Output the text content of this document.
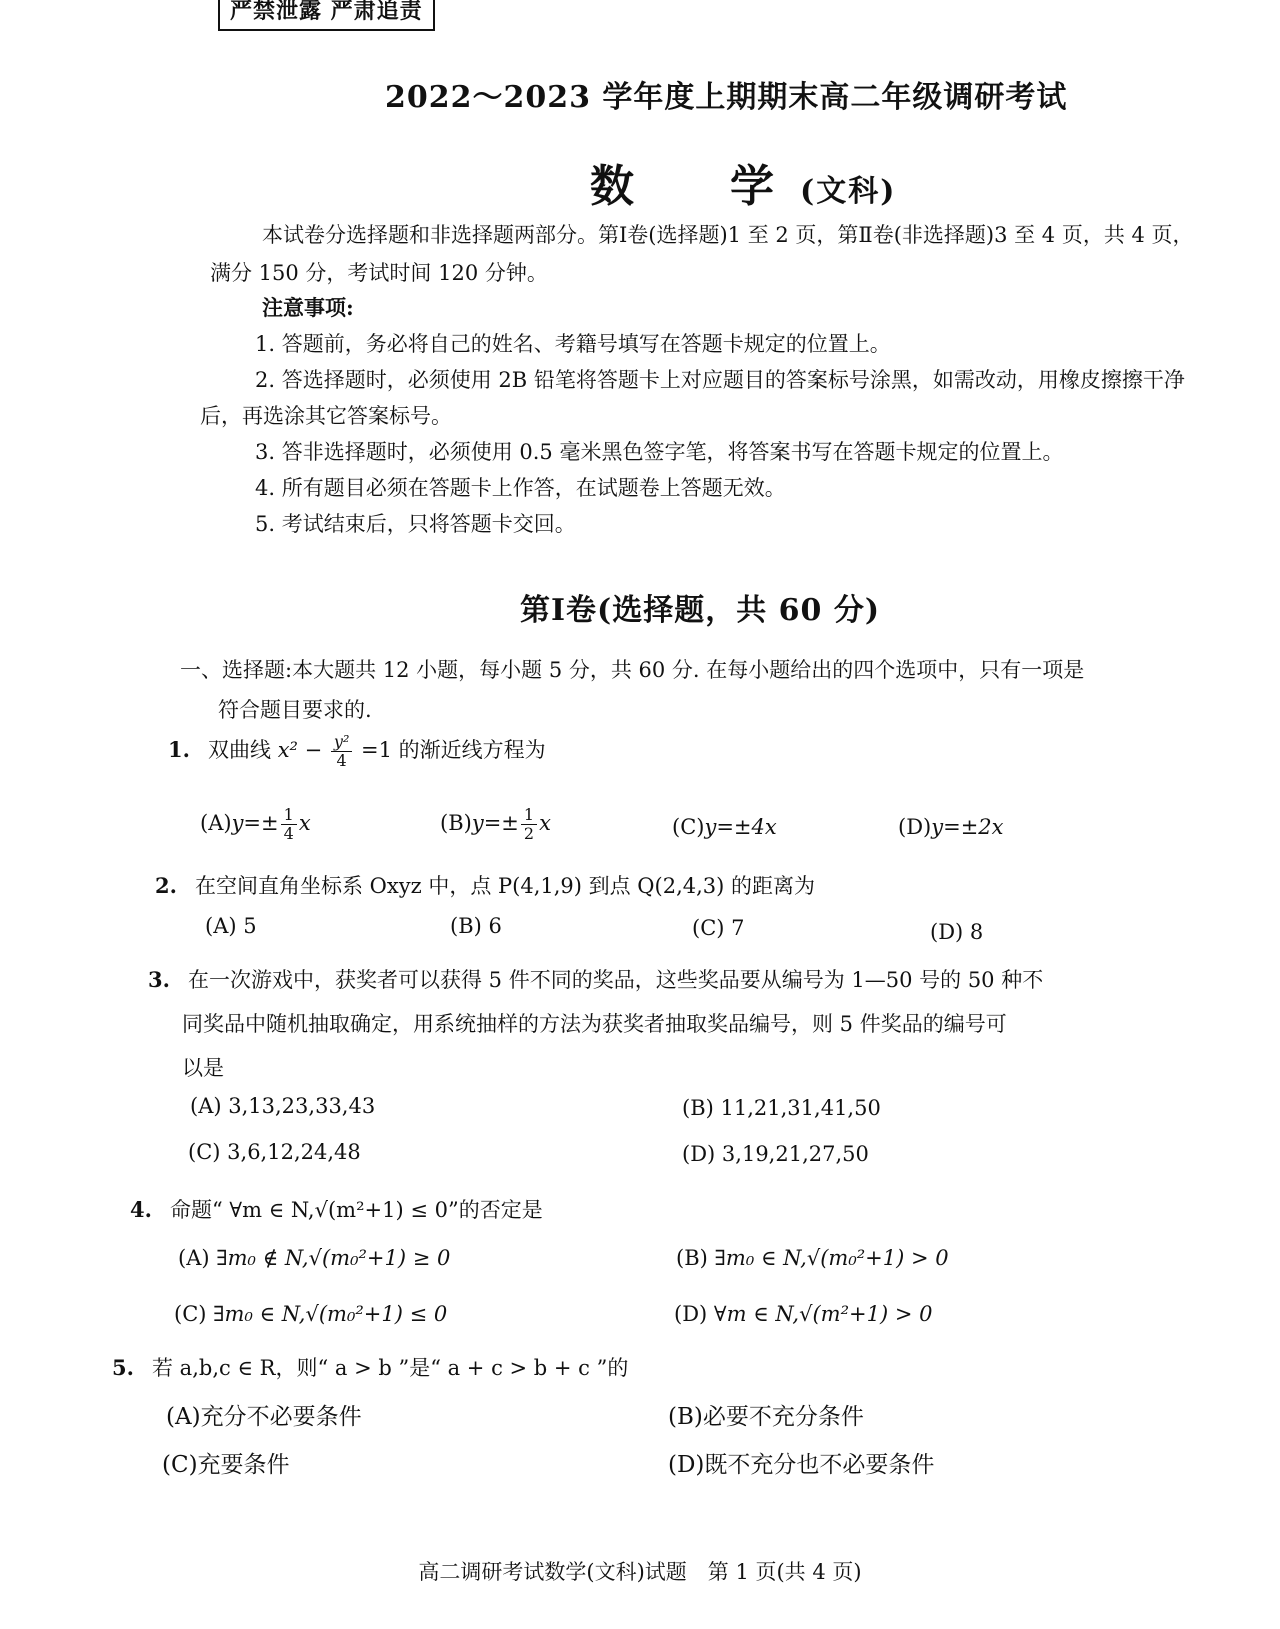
严禁泄露 严肃追责
2022～2023 学年度上期期末高二年级调研考试
数　学(文科)
本试卷分选择题和非选择题两部分。第Ⅰ卷(选择题)1 至 2 页，第Ⅱ卷(非选择题)3 至 4 页，共 4 页，满分 150 分，考试时间 120 分钟。
注意事项:
1. 答题前，务必将自己的姓名、考籍号填写在答题卡规定的位置上。
2. 答选择题时，必须使用 2B 铅笔将答题卡上对应题目的答案标号涂黑，如需改动，用橡皮擦擦干净后，再选涂其它答案标号。
3. 答非选择题时，必须使用 0.5 毫米黑色签字笔，将答案书写在答题卡规定的位置上。
4. 所有题目必须在答题卡上作答，在试题卷上答题无效。
5. 考试结束后，只将答题卡交回。
第Ⅰ卷(选择题，共 60 分)
一、选择题:本大题共 12 小题，每小题 5 分，共 60 分. 在每小题给出的四个选项中，只有一项是
符合题目要求的.
1. 双曲线 $x^2 - \frac{\text{y²}}{4} =1$ 的渐近线方程为
$(A)y=\pm \frac{1}{4}$ x	$(B)y=\pm \frac{1}{2}$ x	(C)y=±4x	(D)y=±2x
2. 在空间直角坐标系 Oxyz 中，点 P(4,1,9) 到点 Q(2,4,3) 的距离为
(A) 5	(B) 6	(C) 7	(D) 8
3. 在一次游戏中，获奖者可以获得 5 件不同的奖品，这些奖品要从编号为 1—50 号的 50 种不
同奖品中随机抽取确定，用系统抽样的方法为获奖者抽取奖品编号，则 5 件奖品的编号可
以是
(A) 3,13,23,33,43	(B) 11,21,31,41,50
(C) 3,6,12,24,48	(D) 3,19,21,27,50
4. 命题“ ∀m ∈ N,√(m²+1) ≤ 0”的否定是
(A) ∃m₀ ∉ N,√(m₀²+1) ≥ 0	(B) ∃m₀ ∈ N,√(m₀²+1) > 0
(C) ∃m₀ ∈ N,√(m₀²+1) ≤ 0	(D) ∀m ∈ N,√(m²+1) > 0
5. 若 a,b,c ∈ R，则“ a > b ”是“ a + c > b + c ”的
(A)充分不必要条件	(B)必要不充分条件
(C)充要条件	(D)既不充分也不必要条件
高二调研考试数学(文科)试题　第 1 页(共 4 页)
